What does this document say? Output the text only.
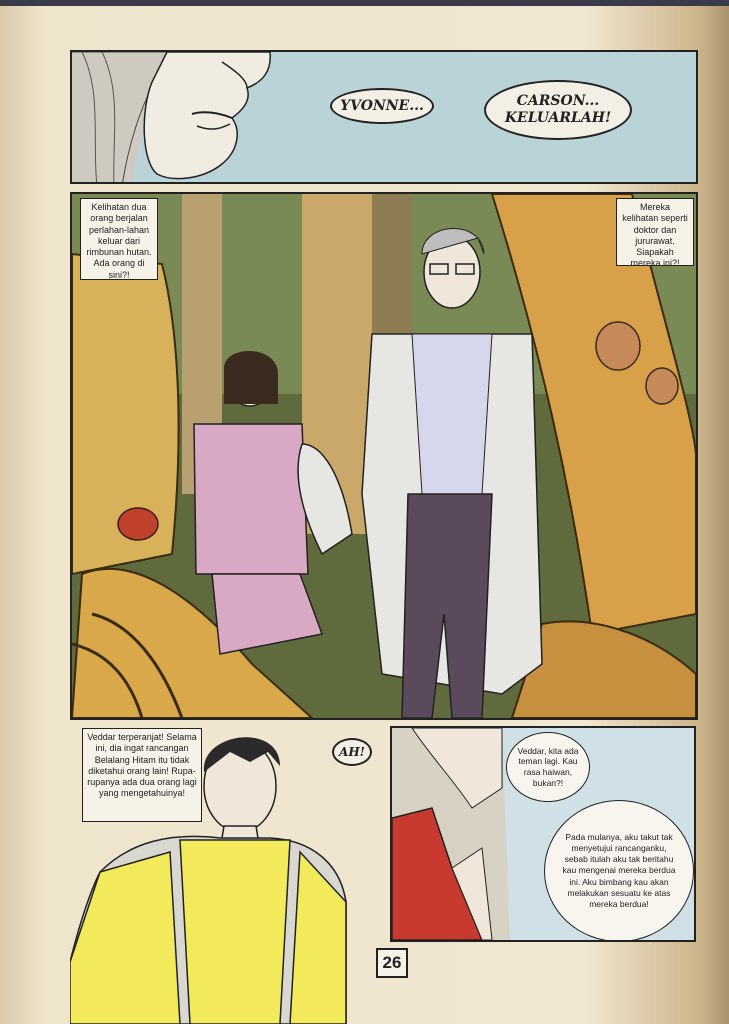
YVONNE...	CARSON... KELUARLAH!
Kelihatan dua orang berjalan perlahan-lahan keluar dari rimbunan hutan. Ada orang di sini?!
Mereka kelihatan seperti doktor dan jururawat. Siapakah mereka ini?!
Veddar terperanjat! Selama ini, dia ingat rancangan Belalang Hitam itu tidak diketahui orang lain! Rupa-rupanya ada dua orang lagi yang mengetahuinya!
AH!	Veddar, kita ada teman lagi. Kau rasa haiwan, bukan?!
Pada mulanya, aku takut tak menyetujui rancanganku, sebab itulah aku tak beritahu kau mengenai mereka berdua ini. Aku bimbang kau akan melakukan sesuatu ke atas mereka berdua!
26
